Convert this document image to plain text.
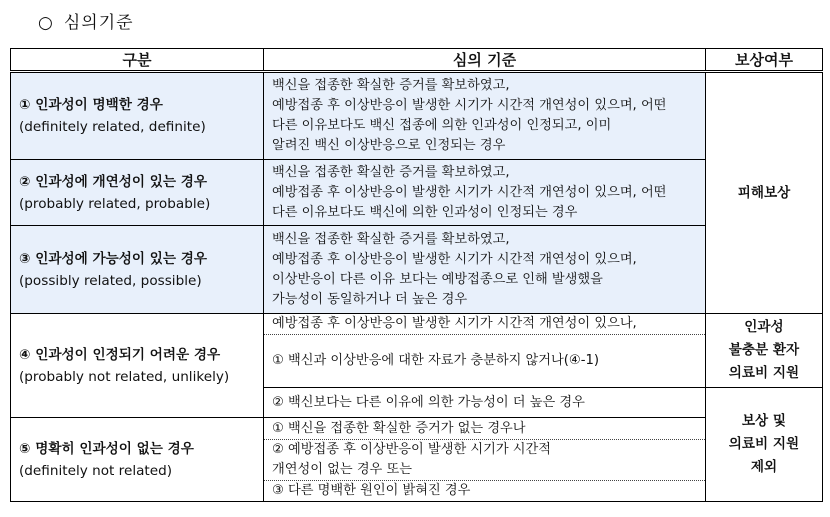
○ 심의기준
구분	심의 기준	보상여부

① 인과성이 명백한 경우
(definitely related, definite)	백신을 접종한 확실한 증거를 확보하였고,
예방접종 후 이상반응이 발생한 시기가 시간적 개연성이 있으며, 어떤
다른 이유보다도 백신 접종에 의한 인과성이 인정되고, 이미
알려진 백신 이상반응으로 인정되는 경우	피해보상

② 인과성에 개연성이 있는 경우
(probably related, probable)	백신을 접종한 확실한 증거를 확보하였고,
예방접종 후 이상반응이 발생한 시기가 시간적 개연성이 있으며, 어떤
다른 이유보다도 백신에 의한 인과성이 인정되는 경우	

③ 인과성에 가능성이 있는 경우
(possibly related, possible)	백신을 접종한 확실한 증거를 확보하였고,
예방접종 후 이상반응이 발생한 시기가 시간적 개연성이 있으며,
이상반응이 다른 이유 보다는 예방접종으로 인해 발생했을
가능성이 동일하거나 더 높은 경우	

④ 인과성이 인정되기 어려운 경우
(probably not related, unlikely)	예방접종 후 이상반응이 발생한 시기가 시간적 개연성이 있으나,
① 백신과 이상반응에 대한 자료가 충분하지 않거나(④-1)	인과성
불충분 환자
의료비 지원

	② 백신보다는 다른 이유에 의한 가능성이 더 높은 경우	보상 및
의료비 지원
제외

⑤ 명확히 인과성이 없는 경우
(definitely not related)	① 백신을 접종한 확실한 증거가 없는 경우나
② 예방접종 후 이상반응이 발생한 시기가 시간적
개연성이 없는 경우 또는
③ 다른 명백한 원인이 밝혀진 경우	
